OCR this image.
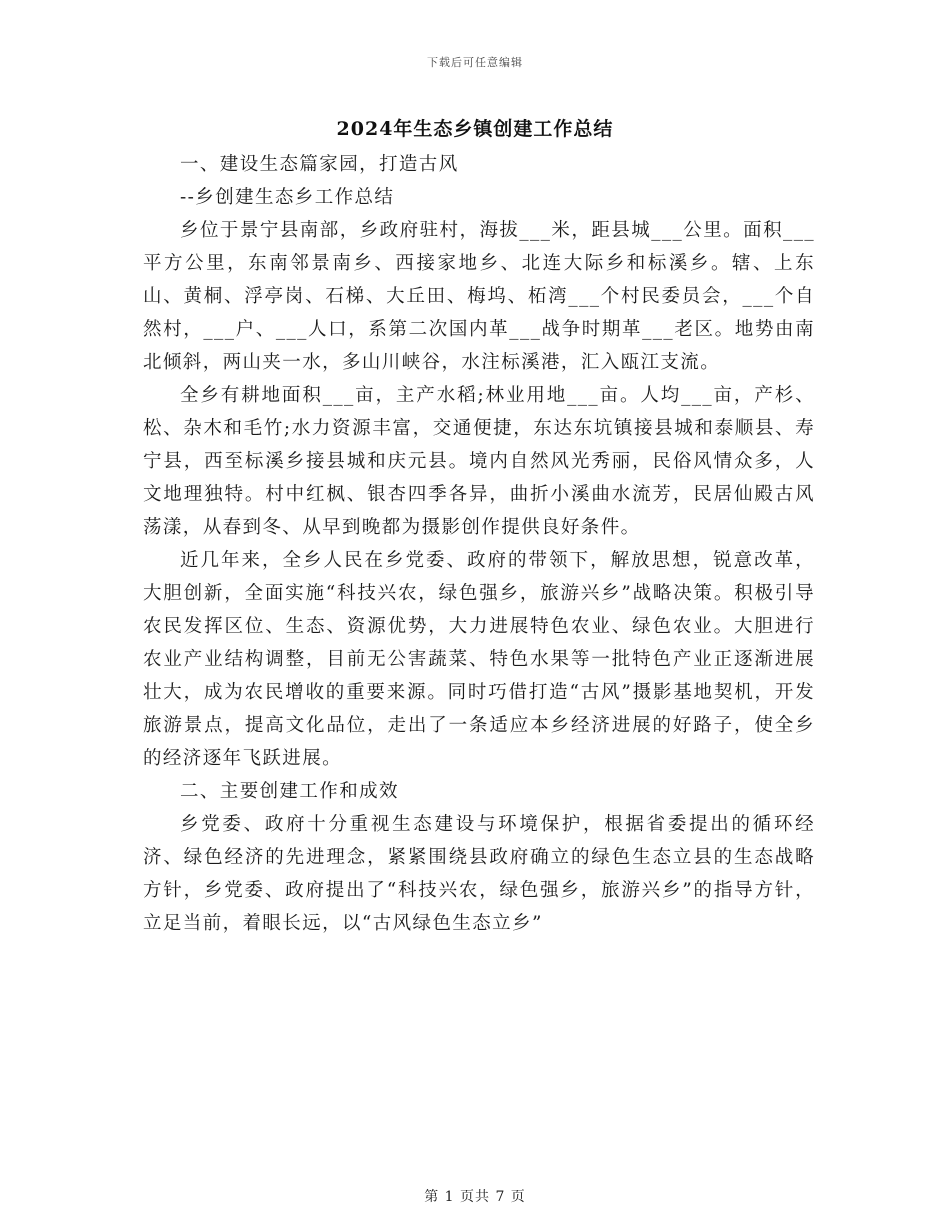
下载后可任意编辑
2024年生态乡镇创建工作总结

一、建设生态篇家园，打造古风

--乡创建生态乡工作总结

乡位于景宁县南部，乡政府驻村，海拔___米，距县城___公里。面积___平方公里，东南邻景南乡、西接家地乡、北连大际乡和标溪乡。辖、上东山、黄桐、浮亭岗、石梯、大丘田、梅坞、柘湾___个村民委员会，___个自然村，___户、___人口，系第二次国内革___战争时期革___老区。地势由南北倾斜，两山夹一水，多山川峡谷，水注标溪港，汇入瓯江支流。

全乡有耕地面积___亩，主产水稻;林业用地___亩。人均___亩，产杉、松、杂木和毛竹;水力资源丰富，交通便捷，东达东坑镇接县城和泰顺县、寿宁县，西至标溪乡接县城和庆元县。境内自然风光秀丽，民俗风情众多，人文地理独特。村中红枫、银杏四季各异，曲折小溪曲水流芳，民居仙殿古风荡漾，从春到冬、从早到晚都为摄影创作提供良好条件。

近几年来，全乡人民在乡党委、政府的带领下，解放思想，锐意改革，大胆创新，全面实施“科技兴农，绿色强乡，旅游兴乡”战略决策。积极引导农民发挥区位、生态、资源优势，大力进展特色农业、绿色农业。大胆进行农业产业结构调整，目前无公害蔬菜、特色水果等一批特色产业正逐渐进展壮大，成为农民增收的重要来源。同时巧借打造“古风”摄影基地契机，开发旅游景点，提高文化品位，走出了一条适应本乡经济进展的好路子，使全乡的经济逐年飞跃进展。

二、主要创建工作和成效

乡党委、政府十分重视生态建设与环境保护，根据省委提出的循环经济、绿色经济的先进理念，紧紧围绕县政府确立的绿色生态立县的生态战略方针，乡党委、政府提出了“科技兴农，绿色强乡，旅游兴乡”的指导方针，立足当前，着眼长远，以“古风绿色生态立乡”

第 1 页共 7 页
